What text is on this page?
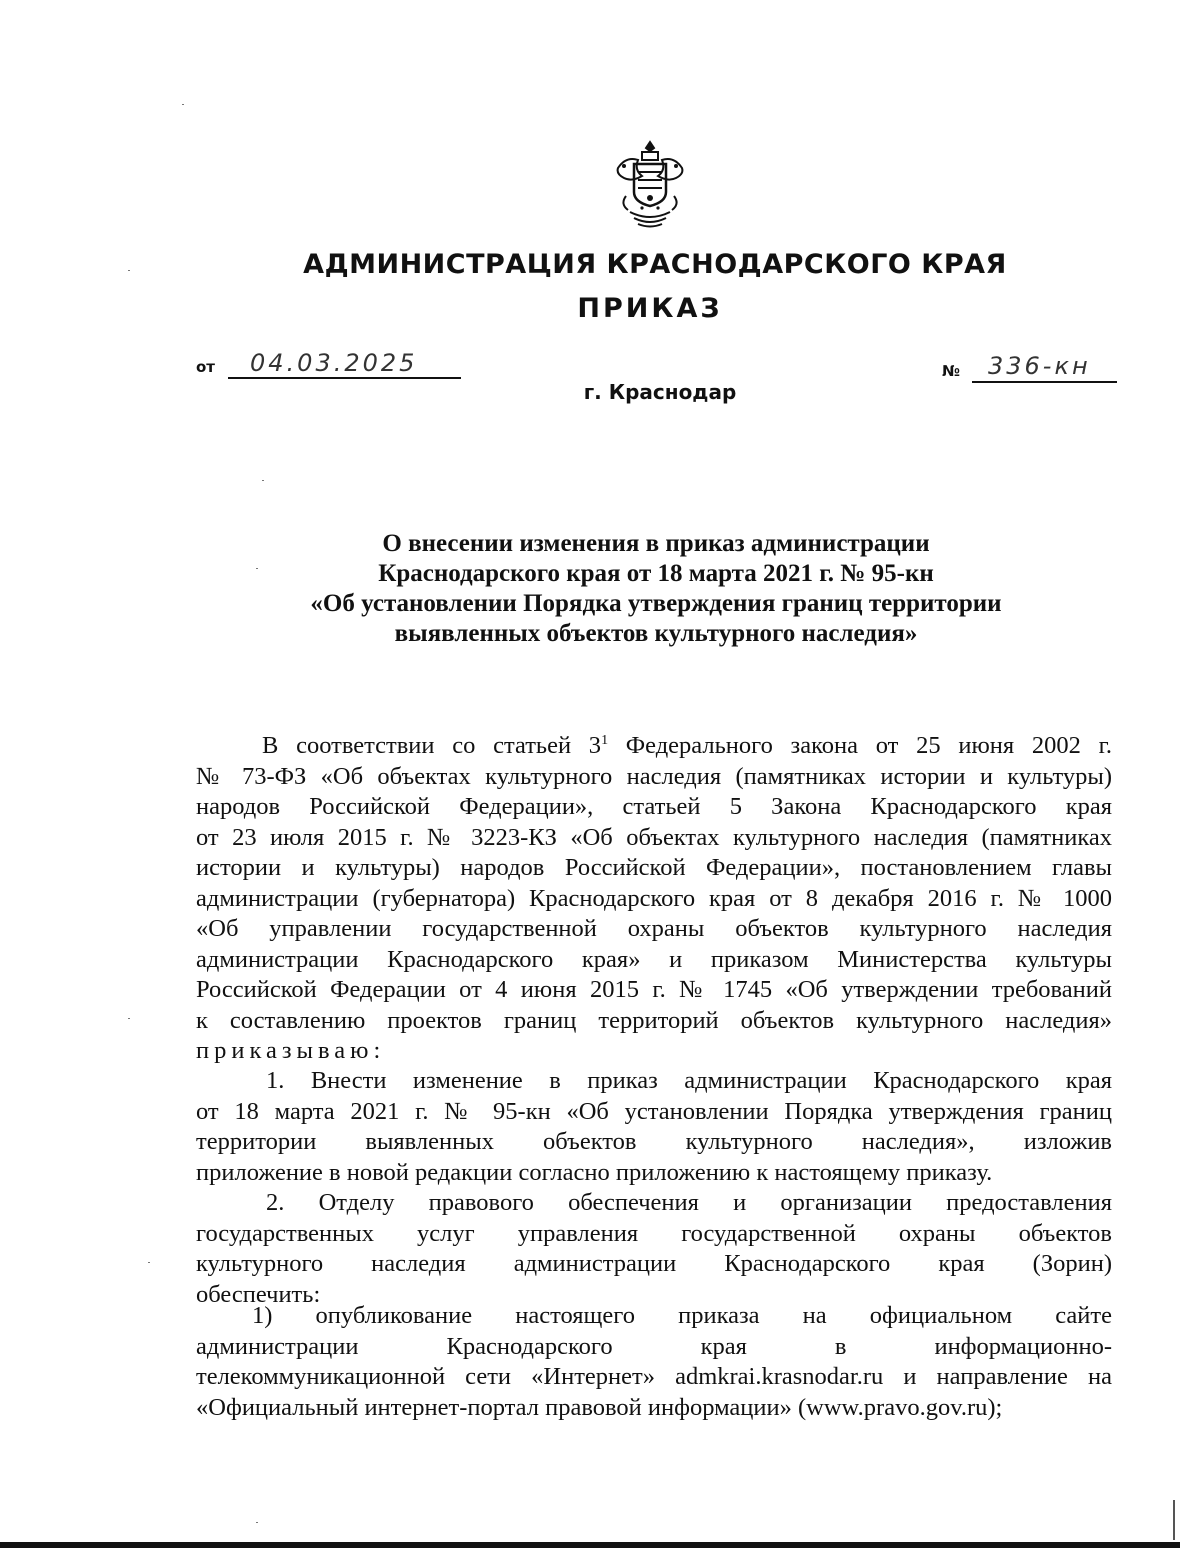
АДМИНИСТРАЦИЯ КРАСНОДАРСКОГО КРАЯ
ПРИКАЗ
от 04.03.2025	№ 336-кн
г. Краснодар
О внесении изменения в приказ администрации
Краснодарского края от 18 марта 2021 г. № 95-кн
«Об установлении Порядка утверждения границ территории
выявленных объектов культурного наследия»
В соответствии со статьей $3^1$ Федерального закона от 25 июня 2002 г.
№ 73-ФЗ «Об объектах культурного наследия (памятниках истории и культуры)
народов Российской Федерации», статьей 5 Закона Краснодарского края
от 23 июля 2015 г. № 3223-КЗ «Об объектах культурного наследия (памятниках
истории и культуры) народов Российской Федерации», постановлением главы
администрации (губернатора) Краснодарского края от 8 декабря 2016 г. № 1000
«Об управлении государственной охраны объектов культурного наследия
администрации Краснодарского края» и приказом Министерства культуры
Российской Федерации от 4 июня 2015 г. № 1745 «Об утверждении требований
к составлению проектов границ территорий объектов культурного наследия»
приказываю:
1. Внести изменение в приказ администрации Краснодарского края
от 18 марта 2021 г. № 95-кн «Об установлении Порядка утверждения границ
территории выявленных объектов культурного наследия», изложив
приложение в новой редакции согласно приложению к настоящему приказу.
2. Отделу правового обеспечения и организации предоставления
государственных услуг управления государственной охраны объектов
культурного наследия администрации Краснодарского края (Зорин)
обеспечить:
1) опубликование настоящего приказа на официальном сайте
администрации Краснодарского края в информационно-
телекоммуникационной сети «Интернет» admkrai.krasnodar.ru и направление на
«Официальный интернет-портал правовой информации» (www.pravo.gov.ru);
